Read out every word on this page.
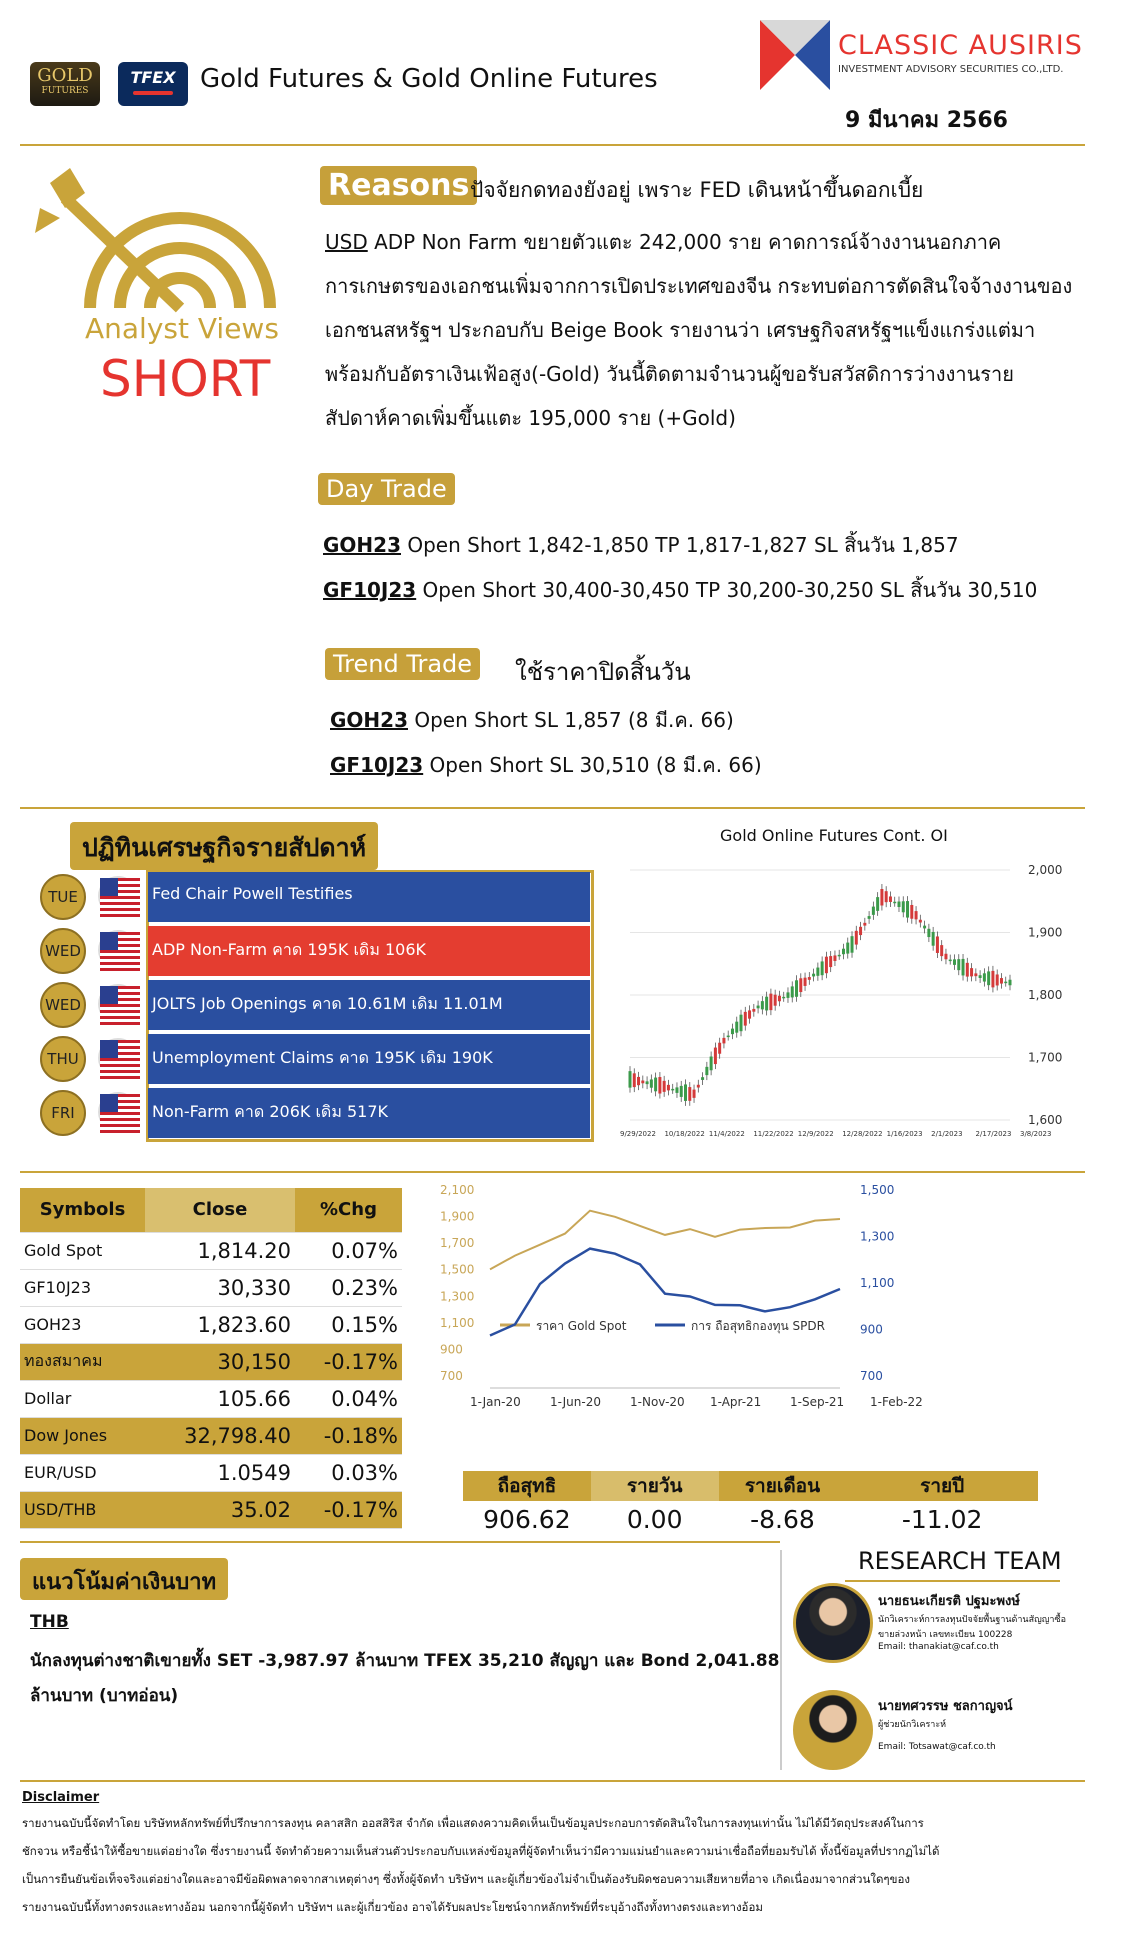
GOLD
FUTURES
TFEX Gold Futures & Gold Online Futures
CLASSIC AUSIRIS
INVESTMENT ADVISORY SECURITIES CO.,LTD.
9 มีนาคม 2566
Analyst Views
SHORT
Reasons ปัจจัยกดทองยังอยู่ เพราะ FED เดินหน้าขึ้นดอกเบี้ย
USD ADP Non Farm ขยายตัวแตะ 242,000 ราย คาดการณ์จ้างงานนอกภาค
การเกษตรของเอกชนเพิ่มจากการเปิดประเทศของจีน กระทบต่อการตัดสินใจจ้างงานของ
เอกชนสหรัฐฯ ประกอบกับ Beige Book รายงานว่า เศรษฐกิจสหรัฐฯแข็งแกร่งแต่มา
พร้อมกับอัตราเงินเฟ้อสูง(-Gold) วันนี้ติดตามจำนวนผู้ขอรับสวัสดิการว่างงานราย
สัปดาห์คาดเพิ่มขึ้นแตะ 195,000 ราย (+Gold)
Day Trade
GOH23 Open Short 1,842-1,850 TP 1,817-1,827 SL สิ้นวัน 1,857
GF10J23 Open Short 30,400-30,450 TP 30,200-30,250 SL สิ้นวัน 30,510
Trend Trade	ใช้ราคาปิดสิ้นวัน
GOH23 Open Short SL 1,857 (8 มี.ค. 66)
GF10J23 Open Short SL 30,510 (8 มี.ค. 66)
ปฏิทินเศรษฐกิจรายสัปดาห์
TUE	Fed Chair Powell Testifies
WED	ADP Non-Farm คาด 195K เดิม 106K
WED	JOLTS Job Openings คาด 10.61M เดิม 11.01M
THU	Unemployment Claims คาด 195K เดิม 190K
FRI	Non-Farm คาด 206K เดิม 517K
Gold Online Futures Cont. OI
1,600
1,700
1,800
1,900
2,000
9/29/2022 10/18/2022 11/4/2022 11/22/2022 12/9/2022 12/28/2022 1/16/2023 2/1/2023 2/17/2023 3/8/2023
Symbols	Close	%Chg
Gold Spot	1,814.20	0.07%
GF10J23	30,330	0.23%
GOH23	1,823.60	0.15%
ทองสมาคม	30,150	-0.17%
Dollar	105.66	0.04%
Dow Jones	32,798.40	-0.18%
EUR/USD	1.0549	0.03%
USD/THB	35.02	-0.17%
700
900
1,100
1,300
1,500
1,700
1,900
2,100
700
900
1,100
1,300
1,500
1-Jan-20 1-Jun-20 1-Nov-20 1-Apr-21 1-Sep-21 1-Feb-22
ราคา Gold Spot	การ ถือสุทธิกองทุน SPDR
ถือสุทธิ	รายวัน	รายเดือน	รายปี
906.62	0.00	-8.68	-11.02
แนวโน้มค่าเงินบาท
THB
นักลงทุนต่างชาติเขายทั้ง SET -3,987.97 ล้านบาท TFEX 35,210 สัญญา และ Bond 2,041.88
ล้านบาท (บาทอ่อน)
RESEARCH TEAM
นายธนะเกียรติ ปฐมะพงษ์
นักวิเคราะห์การลงทุนปัจจัยพื้นฐานด้านสัญญาซื้อ
ขายล่วงหน้า เลขทะเบียน 100228
Email: thanakiat@caf.co.th
นายทศวรรษ ชลกาญจน์
ผู้ช่วยนักวิเคราะห์
Email: Totsawat@caf.co.th
Disclaimer
รายงานฉบับนี้จัดทำโดย บริษัทหลักทรัพย์ที่ปรึกษาการลงทุน คลาสสิก ออสสิริส จำกัด เพื่อแสดงความคิดเห็นเป็นข้อมูลประกอบการตัดสินใจในการลงทุนเท่านั้น ไม่ได้มีวัตถุประสงค์ในการ
ชักจวน หรือชี้นำให้ซื้อขายแต่อย่างใด ซึ่งรายงานนี้ จัดทำด้วยความเห็นส่วนตัวประกอบกับแหล่งข้อมูลที่ผู้จัดทำเห็นว่ามีความแม่นยำและความน่าเชื่อถือที่ยอมรับได้ ทั้งนี้ข้อมูลที่ปรากฏไม่ได้
เป็นการยืนยันข้อเท็จจริงแต่อย่างใดและอาจมีข้อผิดพลาดจากสาเหตุต่างๆ ซึ่งทั้งผู้จัดทำ บริษัทฯ และผู้เกี่ยวข้องไม่จำเป็นต้องรับผิดชอบความเสียหายที่อาจ เกิดเนื่องมาจากส่วนใดๆของ
รายงานฉบับนี้ทั้งทางตรงและทางอ้อม นอกจากนี้ผู้จัดทำ บริษัทฯ และผู้เกี่ยวข้อง อาจได้รับผลประโยชน์จากหลักทรัพย์ที่ระบุอ้างถึงทั้งทางตรงและทางอ้อม
